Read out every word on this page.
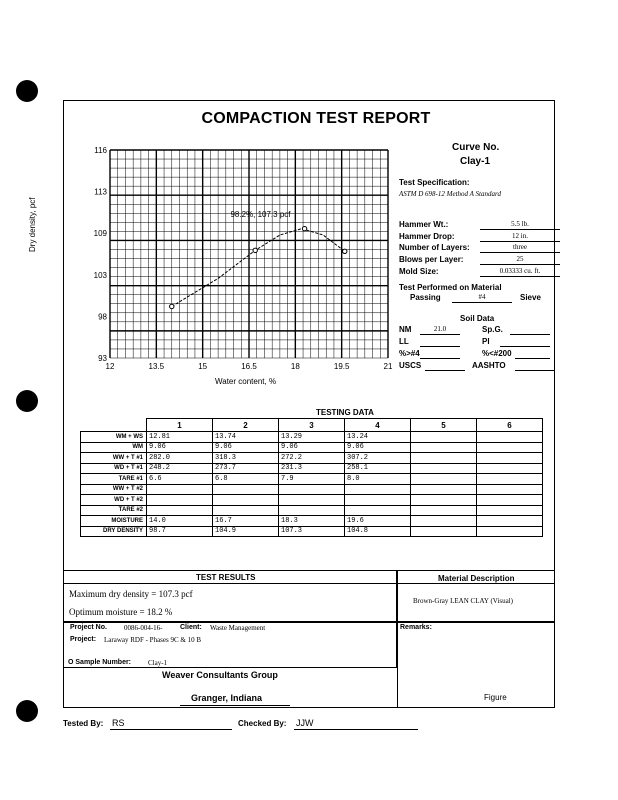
COMPACTION TEST REPORT
12	13.5	15	16.5	18	19.5	21
116
113
109
103
98
93
98.2%, 107.3 pcf
Water content, %
Dry density, pcf
Curve No.
Clay-1
Test Specification:
ASTM D 698-12 Method A Standard
Hammer Wt.:	5.5 lb.
Hammer Drop:	12 in.
Number of Layers:	three
Blows per Layer:	25
Mold Size:	0.03333 cu. ft.
Test Performed on Material
Passing	#4	Sieve
Soil Data
NM	21.0	Sp.G.
LL	PI
%>#4	%<#200
USCS	AASHTO
TESTING DATA
	1	2	3	4	5	6
WM + WS	12.81	13.74	13.29	13.24		
WM	9.06	9.06	9.06	9.06		
WW + T #1	282.0	318.3	272.2	307.2		
WD + T #1	248.2	273.7	231.3	258.1		
TARE #1	6.6	6.8	7.9	8.0		
WW + T #2						
WD + T #2						
TARE #2						
MOISTURE	14.0	16.7	18.3	19.6		
DRY DENSITY	98.7	104.9	107.3	104.8		
TEST RESULTS
Maximum dry density = 107.3 pcf
Optimum moisture = 18.2 %
Material Description
Brown-Gray LEAN CLAY (Visual)
Project No. 0086-004-16-	Client: Waste Management
Project: Laraway RDF - Phases 9C & 10 B
O Sample Number: Clay-1
Remarks:
Weaver Consultants Group
Granger, Indiana	Figure
Tested By: RS	Checked By: JJW
